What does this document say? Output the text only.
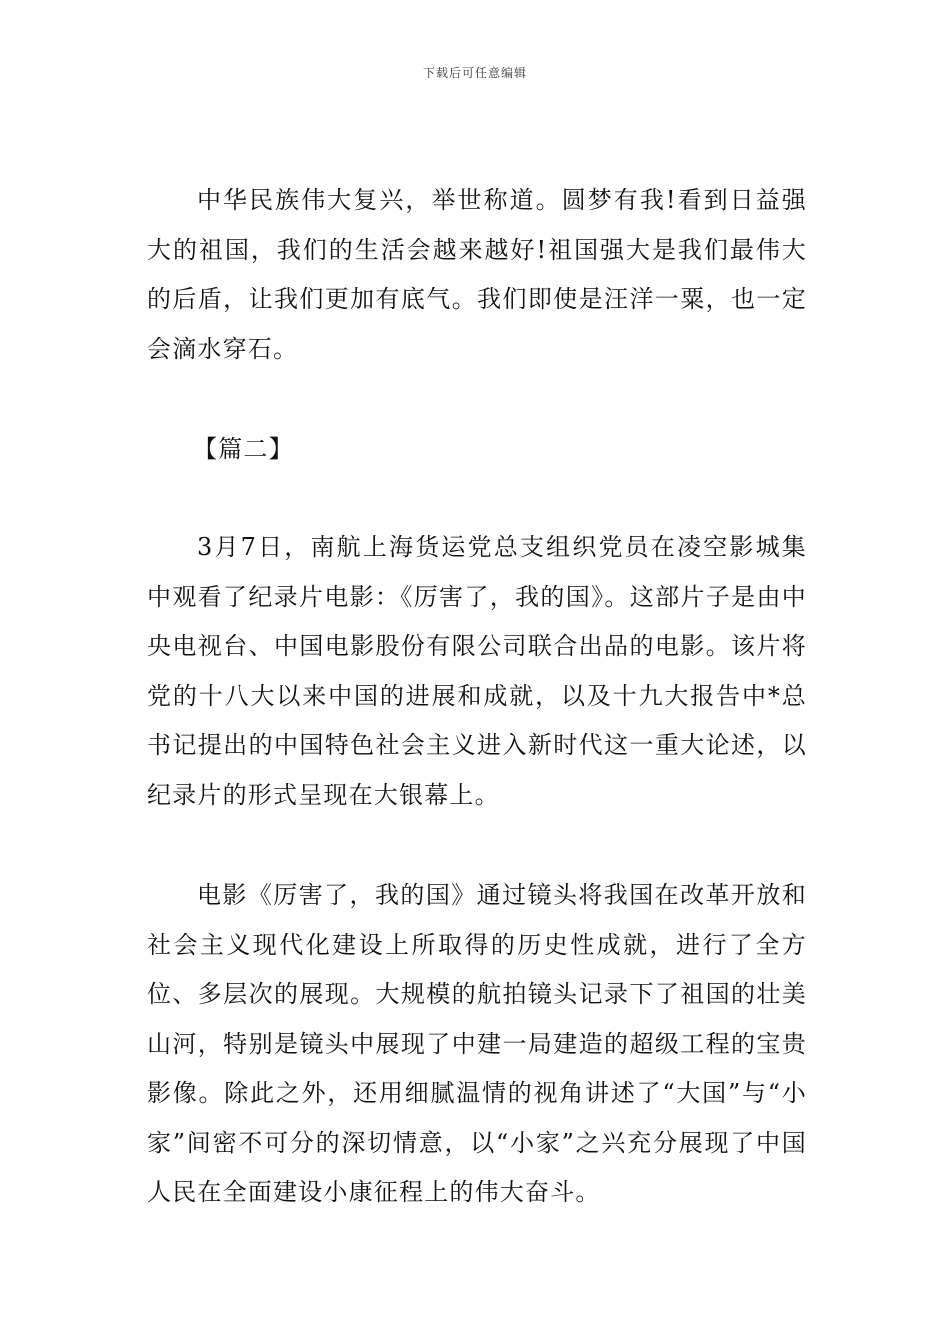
下载后可任意编辑

中华民族伟大复兴，举世称道。圆梦有我!看到日益强大的祖国，我们的生活会越来越好!祖国强大是我们最伟大的后盾，让我们更加有底气。我们即使是汪洋一粟，也一定会滴水穿石。

【篇二】

3月7日，南航上海货运党总支组织党员在凌空影城集中观看了纪录片电影：《厉害了，我的国》。这部片子是由中央电视台、中国电影股份有限公司联合出品的电影。该片将党的十八大以来中国的进展和成就，以及十九大报告中*总书记提出的中国特色社会主义进入新时代这一重大论述，以纪录片的形式呈现在大银幕上。

电影《厉害了，我的国》通过镜头将我国在改革开放和社会主义现代化建设上所取得的历史性成就，进行了全方位、多层次的展现。大规模的航拍镜头记录下了祖国的壮美山河，特别是镜头中展现了中建一局建造的超级工程的宝贵影像。除此之外，还用细腻温情的视角讲述了“大国”与“小家”间密不可分的深切情意，以“小家”之兴充分展现了中国人民在全面建设小康征程上的伟大奋斗。
